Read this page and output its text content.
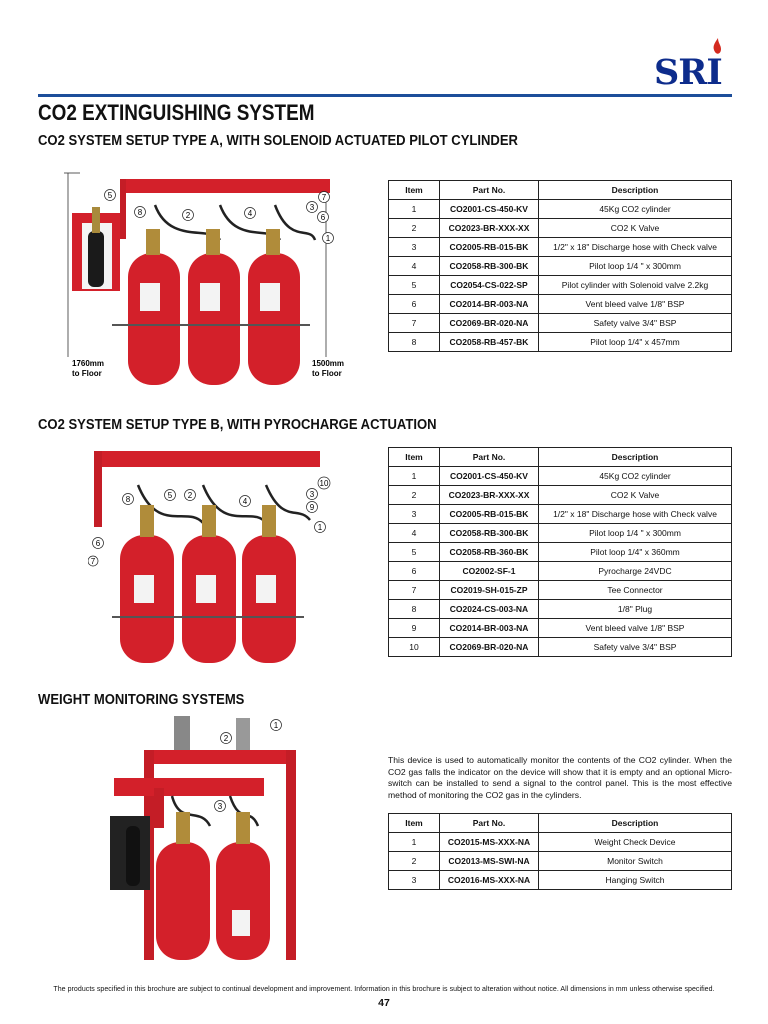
SRI
CO2 EXTINGUISHING SYSTEM
CO2 SYSTEM SETUP TYPE A, WITH SOLENOID ACTUATED PILOT CYLINDER
1760mm
to Floor
1500mm
to Floor
5
8	2	4
7
3
6
1
Item	Part No.	Description
1	CO2001-CS-450-KV	45Kg CO2 cylinder
2	CO2023-BR-XXX-XX	CO2 K Valve
3	CO2005-RB-015-BK	1/2" x 18" Discharge hose with Check valve
4	CO2058-RB-300-BK	Pilot loop 1/4 " x 300mm
5	CO2054-CS-022-SP	Pilot cylinder with Solenoid valve 2.2kg
6	CO2014-BR-003-NA	Vent bleed valve 1/8" BSP
7	CO2069-BR-020-NA	Safety valve 3/4" BSP
8	CO2058-RB-457-BK	Pilot loop 1/4" x 457mm
CO2 SYSTEM SETUP TYPE B, WITH PYROCHARGE ACTUATION
8	5 2
4
10
3
9
1
6
7
Item	Part No.	Description
1	CO2001-CS-450-KV	45Kg CO2 cylinder
2	CO2023-BR-XXX-XX	CO2 K Valve
3	CO2005-RB-015-BK	1/2" x 18" Discharge hose with Check valve
4	CO2058-RB-300-BK	Pilot loop 1/4 " x 300mm
5	CO2058-RB-360-BK	Pilot loop 1/4" x 360mm
6	CO2002-SF-1	Pyrocharge 24VDC
7	CO2019-SH-015-ZP	Tee Connector
8	CO2024-CS-003-NA	1/8" Plug
9	CO2014-BR-003-NA	Vent bleed valve 1/8" BSP
10	CO2069-BR-020-NA	Safety valve 3/4" BSP
WEIGHT MONITORING SYSTEMS
1
2
3
This device is used to automatically monitor the contents of the CO2 cylinder. When the CO2 gas falls the indicator on the device will show that it is empty and an optional Micro-switch can be installed to send a signal to the control panel. This is the most effective method of monitoring the CO2 gas in the cylinders.
Item	Part No.	Description
1	CO2015-MS-XXX-NA	Weight Check Device
2	CO2013-MS-SWI-NA	Monitor Switch
3	CO2016-MS-XXX-NA	Hanging Switch
The products specified in this brochure are subject to continual development and improvement. Information in this brochure is subject to alteration without notice. All dimensions in mm unless otherwise specified.
47
